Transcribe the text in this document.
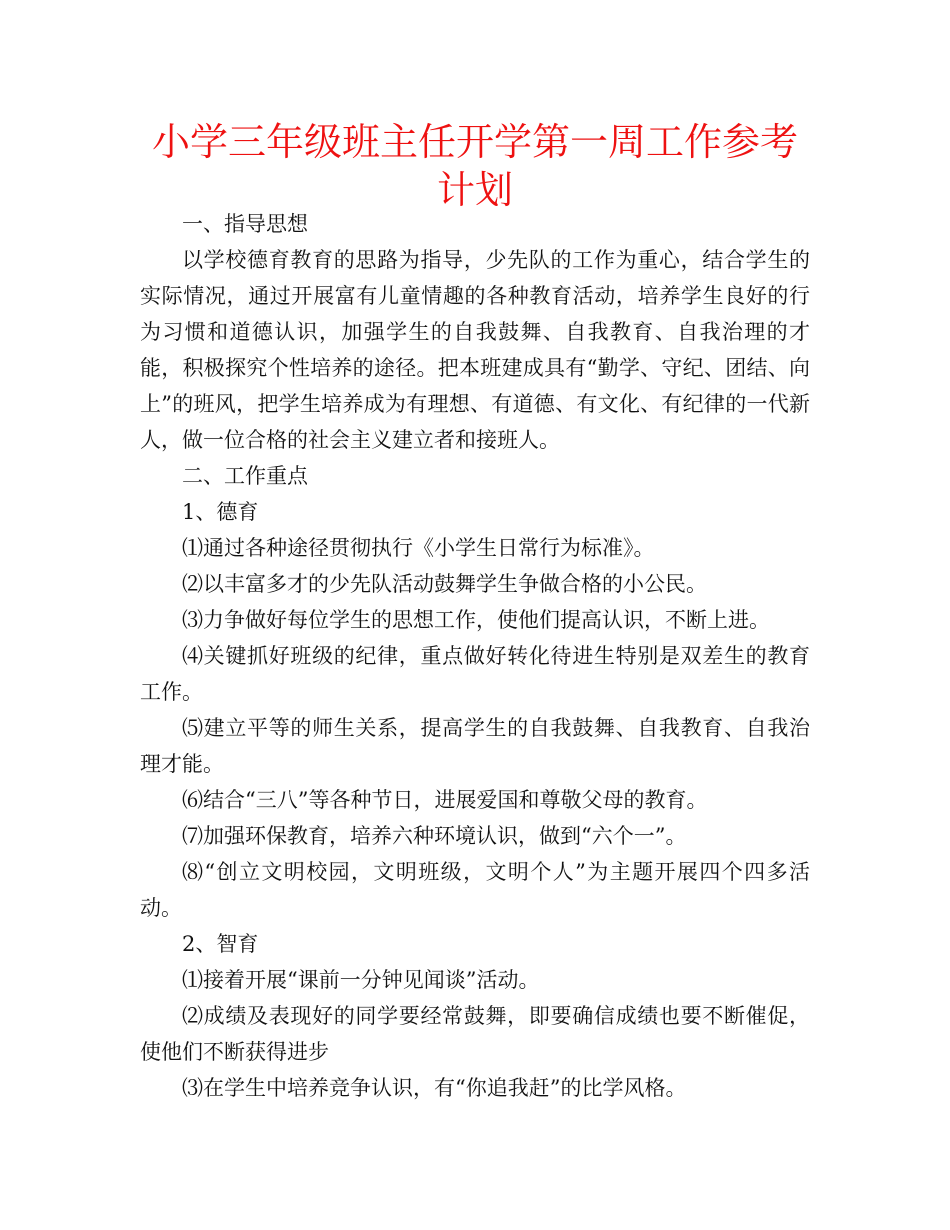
小学三年级班主任开学第一周工作参考计划

一、指导思想

以学校德育教育的思路为指导，少先队的工作为重心，结合学生的实际情况，通过开展富有儿童情趣的各种教育活动，培养学生良好的行为习惯和道德认识，加强学生的自我鼓舞、自我教育、自我治理的才能，积极探究个性培养的途径。把本班建成具有“勤学、守纪、团结、向上”的班风，把学生培养成为有理想、有道德、有文化、有纪律的一代新人，做一位合格的社会主义建立者和接班人。

二、工作重点

1、德育

⑴通过各种途径贯彻执行《小学生日常行为标准》。

⑵以丰富多才的少先队活动鼓舞学生争做合格的小公民。

⑶力争做好每位学生的思想工作，使他们提高认识，不断上进。

⑷关键抓好班级的纪律，重点做好转化待进生特别是双差生的教育工作。

⑸建立平等的师生关系，提高学生的自我鼓舞、自我教育、自我治理才能。

⑹结合“三八”等各种节日，进展爱国和尊敬父母的教育。

⑺加强环保教育，培养六种环境认识，做到“六个一”。

⑻“创立文明校园，文明班级，文明个人”为主题开展四个四多活动。

2、智育

⑴接着开展“课前一分钟见闻谈”活动。

⑵成绩及表现好的同学要经常鼓舞，即要确信成绩也要不断催促，使他们不断获得进步

⑶在学生中培养竞争认识，有“你追我赶”的比学风格。
